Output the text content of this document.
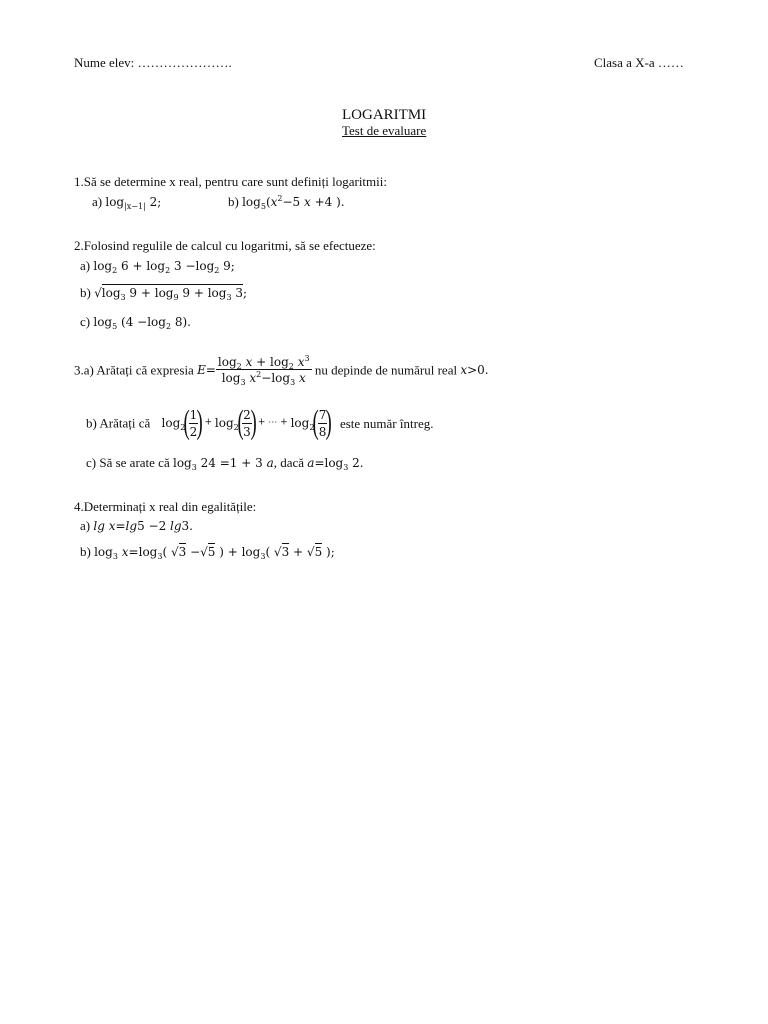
Nume elev: ………………….	Clasa a X-a ……
LOGARITMI
Test de evaluare
1.Să se determine x real, pentru care sunt definiți logaritmii:
a) $\log_{|x-1|} 2$;	b) $\log_5(x^2-5$ x +4 ).
2.Folosind regulile de calcul cu logaritmi, să se efectueze:
a) $\log_2 6 + \log_2 3 -\log_2$ 9;
b) $√\log_3$ $9 + \log_9 9 + \log_3 3$;
c) $\log_5 (4 -\log_2$ 8).
3.a) Arătați că expresia $E= \frac{\log_2 x + \log_2 x^3}{\log_3 x^2-\log_3 x}$ nu depinde de numărul real x>0.
b) Arătați că $\log_2$(
$\frac{1}{2}$
) + $\log_2$(
$\frac{2}{3}$
) + ⋯ + $\log_2$(
$\frac{7}{8}$
) este număr întreg.
c) Să se arate că $\log_3 24 =1 + 3$ a, dacă $a=\log_3$ 2.
4.Determinați x real din egalitățile:
a) lg x=lg5 −2 lg3.
b) $\log_3 x=\log_3$( √3 −√5 ) + $\log_3$( √3 + √5 );
